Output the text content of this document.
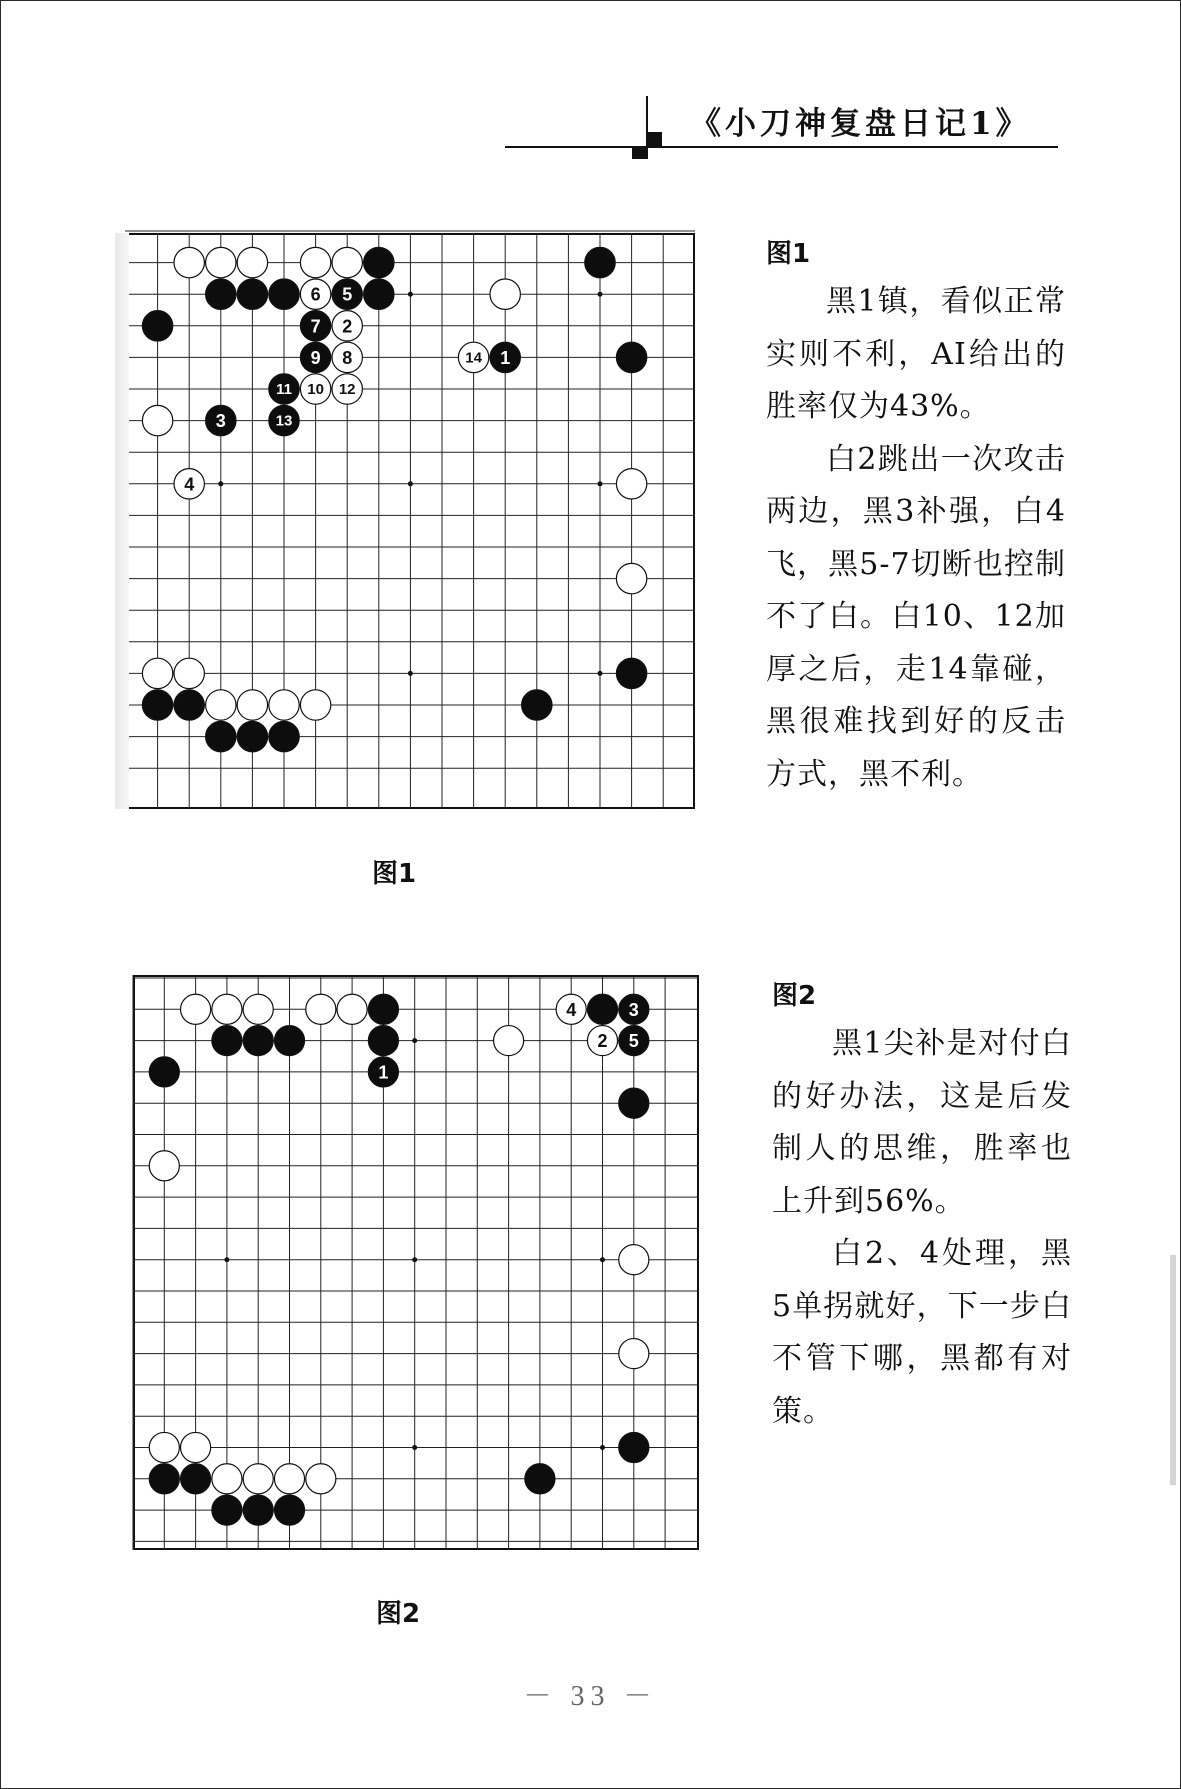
《小刀神复盘日记1》
6 5
7 2
9 8	14 1
11 10 12
3	13
4
图1
图1

黑1镇，看似正常实则不利，AI给出的胜率仅为43%。

白2跳出一次攻击两边，黑3补强，白4飞，黑5-7切断也控制不了白。白10、12加厚之后，走14靠碰，黑很难找到好的反击方式，黑不利。

4	3
2 5
1
图2
图2

黑1尖补是对付白的好办法，这是后发制人的思维，胜率也上升到56%。

白2、4处理，黑5单拐就好，下一步白不管下哪，黑都有对策。

－ 33 －
